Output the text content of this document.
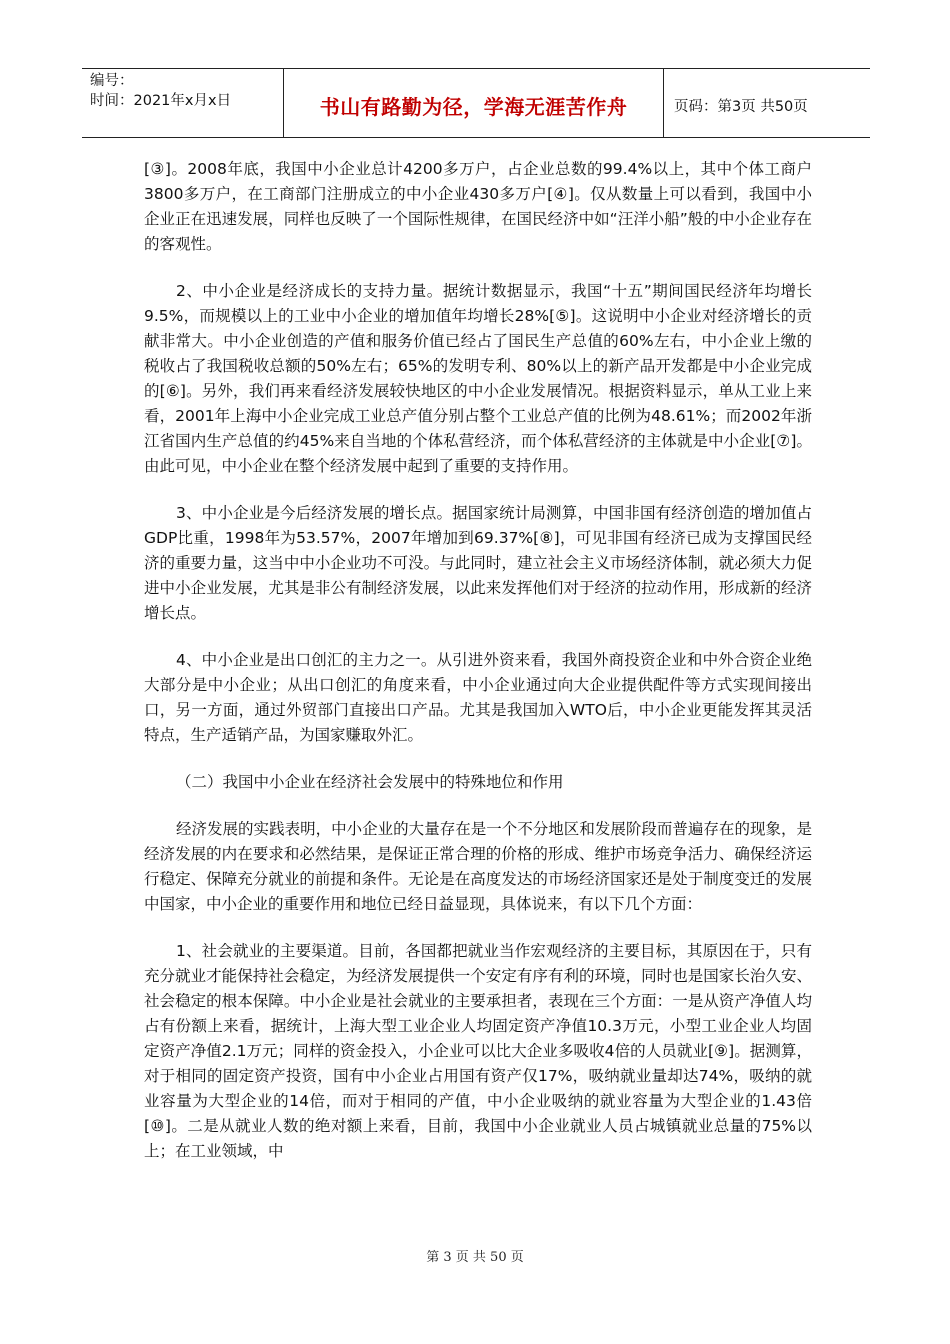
编号：
时间：2021年x月x日	书山有路勤为径，学海无涯苦作舟	页码：第3页 共50页

[③]。2008年底，我国中小企业总计4200多万户，占企业总数的99.4%以上，其中个体工商户3800多万户，在工商部门注册成立的中小企业430多万户[④]。仅从数量上可以看到，我国中小企业正在迅速发展，同样也反映了一个国际性规律，在国民经济中如“汪洋小船”般的中小企业存在的客观性。

2、中小企业是经济成长的支持力量。据统计数据显示，我国“十五”期间国民经济年均增长9.5%，而规模以上的工业中小企业的增加值年均增长28%[⑤]。这说明中小企业对经济增长的贡献非常大。中小企业创造的产值和服务价值已经占了国民生产总值的60%左右，中小企业上缴的税收占了我国税收总额的50%左右；65%的发明专利、80%以上的新产品开发都是中小企业完成的[⑥]。另外，我们再来看经济发展较快地区的中小企业发展情况。根据资料显示，单从工业上来看，2001年上海中小企业完成工业总产值分别占整个工业总产值的比例为48.61%；而2002年浙江省国内生产总值的约45%来自当地的个体私营经济，而个体私营经济的主体就是中小企业[⑦]。由此可见，中小企业在整个经济发展中起到了重要的支持作用。

3、中小企业是今后经济发展的增长点。据国家统计局测算，中国非国有经济创造的增加值占GDP比重，1998年为53.57%，2007年增加到69.37%[⑧]，可见非国有经济已成为支撑国民经济的重要力量，这当中中小企业功不可没。与此同时，建立社会主义市场经济体制，就必须大力促进中小企业发展，尤其是非公有制经济发展，以此来发挥他们对于经济的拉动作用，形成新的经济增长点。

4、中小企业是出口创汇的主力之一。从引进外资来看，我国外商投资企业和中外合资企业绝大部分是中小企业；从出口创汇的角度来看，中小企业通过向大企业提供配件等方式实现间接出口，另一方面，通过外贸部门直接出口产品。尤其是我国加入WTO后，中小企业更能发挥其灵活特点，生产适销产品，为国家赚取外汇。

（二）我国中小企业在经济社会发展中的特殊地位和作用

经济发展的实践表明，中小企业的大量存在是一个不分地区和发展阶段而普遍存在的现象，是经济发展的内在要求和必然结果，是保证正常合理的价格的形成、维护市场竞争活力、确保经济运行稳定、保障充分就业的前提和条件。无论是在高度发达的市场经济国家还是处于制度变迁的发展中国家，中小企业的重要作用和地位已经日益显现，具体说来，有以下几个方面：

1、社会就业的主要渠道。目前，各国都把就业当作宏观经济的主要目标，其原因在于，只有充分就业才能保持社会稳定，为经济发展提供一个安定有序有利的环境，同时也是国家长治久安、社会稳定的根本保障。中小企业是社会就业的主要承担者，表现在三个方面：一是从资产净值人均占有份额上来看，据统计，上海大型工业企业人均固定资产净值10.3万元，小型工业企业人均固定资产净值2.1万元；同样的资金投入，小企业可以比大企业多吸收4倍的人员就业[⑨]。据测算，对于相同的固定资产投资，国有中小企业占用国有资产仅17%，吸纳就业量却达74%，吸纳的就业容量为大型企业的14倍，而对于相同的产值，中小企业吸纳的就业容量为大型企业的1.43倍[⑩]。二是从就业人数的绝对额上来看，目前，我国中小企业就业人员占城镇就业总量的75%以上；在工业领域，中

第 3 页 共 50 页
